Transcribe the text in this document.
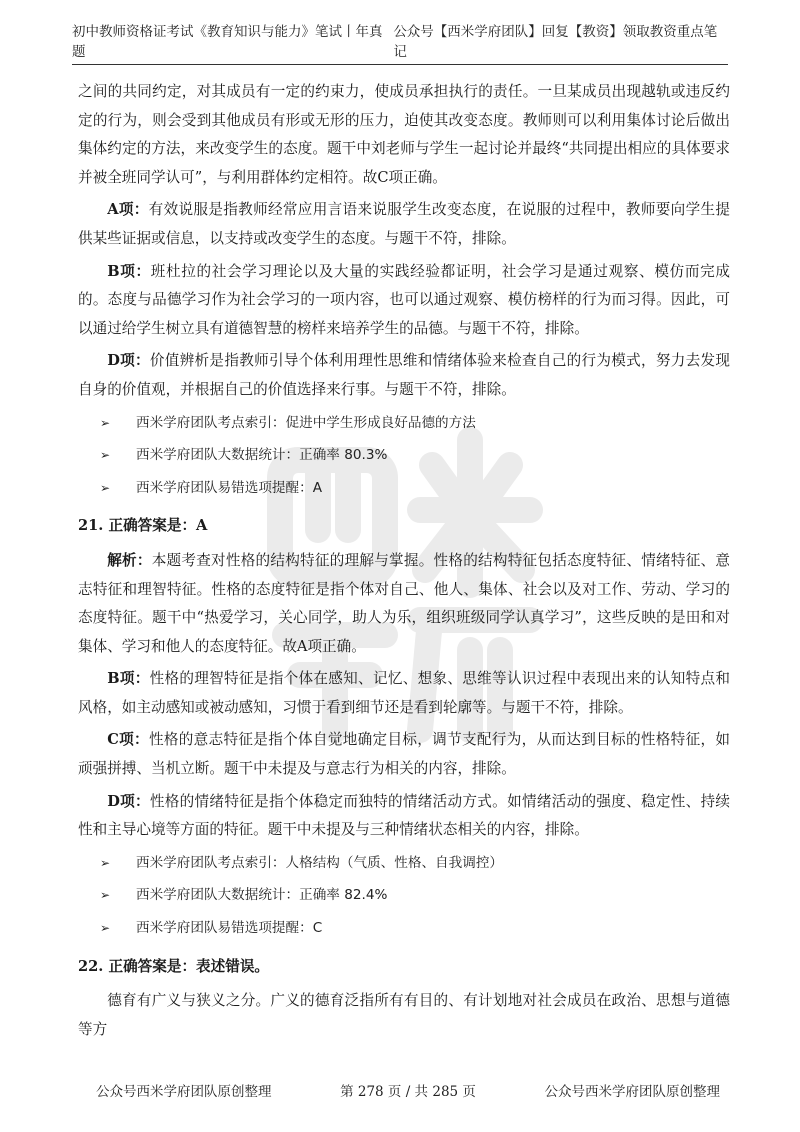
初中教师资格证考试《教育知识与能力》笔试丨年真题
公众号【西米学府团队】回复【教资】领取教资重点笔记

之间的共同约定，对其成员有一定的约束力，使成员承担执行的责任。一旦某成员出现越轨或违反约定的行为，则会受到其他成员有形或无形的压力，迫使其改变态度。教师则可以利用集体讨论后做出集体约定的方法，来改变学生的态度。题干中刘老师与学生一起讨论并最终“共同提出相应的具体要求并被全班同学认可”，与利用群体约定相符。故C项正确。

A项：有效说服是指教师经常应用言语来说服学生改变态度，在说服的过程中，教师要向学生提供某些证据或信息，以支持或改变学生的态度。与题干不符，排除。

B项：班杜拉的社会学习理论以及大量的实践经验都证明，社会学习是通过观察、模仿而完成的。态度与品德学习作为社会学习的一项内容，也可以通过观察、模仿榜样的行为而习得。因此，可以通过给学生树立具有道德智慧的榜样来培养学生的品德。与题干不符，排除。

D项：价值辨析是指教师引导个体利用理性思维和情绪体验来检查自己的行为模式，努力去发现自身的价值观，并根据自己的价值选择来行事。与题干不符，排除。

➢	西米学府团队考点索引：促进中学生形成良好品德的方法
➢	西米学府团队大数据统计：正确率 80.3%
➢	西米学府团队易错选项提醒：A

21. 正确答案是：A

解析：本题考查对性格的结构特征的理解与掌握。性格的结构特征包括态度特征、情绪特征、意志特征和理智特征。性格的态度特征是指个体对自己、他人、集体、社会以及对工作、劳动、学习的态度特征。题干中“热爱学习，关心同学，助人为乐，组织班级同学认真学习”，这些反映的是田和对集体、学习和他人的态度特征。故A项正确。

B项：性格的理智特征是指个体在感知、记忆、想象、思维等认识过程中表现出来的认知特点和风格，如主动感知或被动感知，习惯于看到细节还是看到轮廓等。与题干不符，排除。

C项：性格的意志特征是指个体自觉地确定目标，调节支配行为，从而达到目标的性格特征，如顽强拼搏、当机立断。题干中未提及与意志行为相关的内容，排除。

D项：性格的情绪特征是指个体稳定而独特的情绪活动方式。如情绪活动的强度、稳定性、持续性和主导心境等方面的特征。题干中未提及与三种情绪状态相关的内容，排除。

➢	西米学府团队考点索引：人格结构（气质、性格、自我调控）
➢	西米学府团队大数据统计：正确率 82.4%
➢	西米学府团队易错选项提醒：C

22. 正确答案是：表述错误。

德育有广义与狭义之分。广义的德育泛指所有有目的、有计划地对社会成员在政治、思想与道德等方

公众号西米学府团队原创整理	第 278 页 / 共 285 页	公众号西米学府团队原创整理
